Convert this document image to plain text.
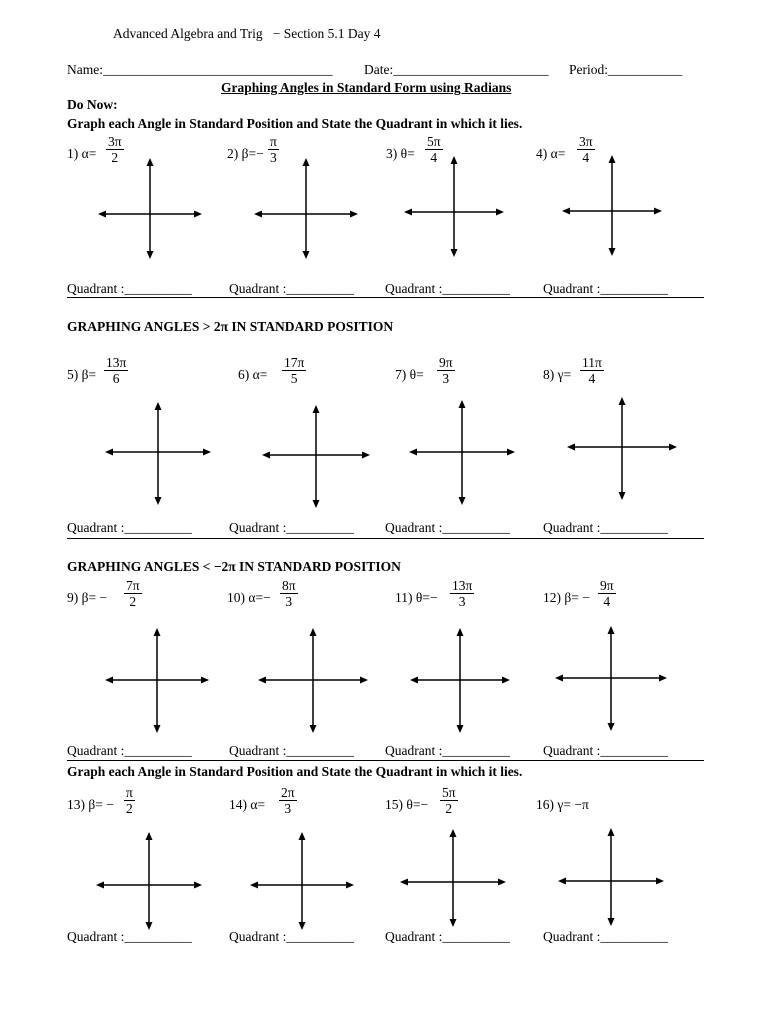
Advanced Algebra and Trig − Section 5.1 Day 4
Name:__________________________________ Date:_______________________ Period:___________
Graphing Angles in Standard Form using Radians
Do Now:
Graph each Angle in Standard Position and State the Quadrant in which it lies.
GRAPHING ANGLES > 2π IN STANDARD POSITION
GRAPHING ANGLES < −2π IN STANDARD POSITION
Graph each Angle in Standard Position and State the Quadrant in which it lies.
1) $\alpha= \frac{3\pi}{2}$
Quadrant :__________
2) $\beta=- \frac{\pi}{3}$
Quadrant :__________
3) $\theta= \frac{5\pi}{4}$
Quadrant :__________
4) $\alpha= \frac{3\pi}{4}$
Quadrant :__________
5) $\beta= \frac{13\pi}{6}$
Quadrant :__________
6) $\alpha= \frac{17\pi}{5}$
Quadrant :__________
7) $\theta= \frac{9\pi}{3}$
Quadrant :__________
8) $\gamma= \frac{11\pi}{4}$
Quadrant :__________
9) $\beta= - \frac{7\pi}{2}$
Quadrant :__________
10) $\alpha=- \frac{8\pi}{3}$
Quadrant :__________
11) $\theta=- \frac{13\pi}{3}$
Quadrant :__________
12) $\beta= - \frac{9\pi}{4}$
Quadrant :__________
13) $\beta= - \frac{\pi}{2}$
Quadrant :__________
14) $\alpha= \frac{2\pi}{3}$
Quadrant :__________
15) $\theta=- \frac{5\pi}{2}$
Quadrant :__________
16) γ= −π
Quadrant :__________
